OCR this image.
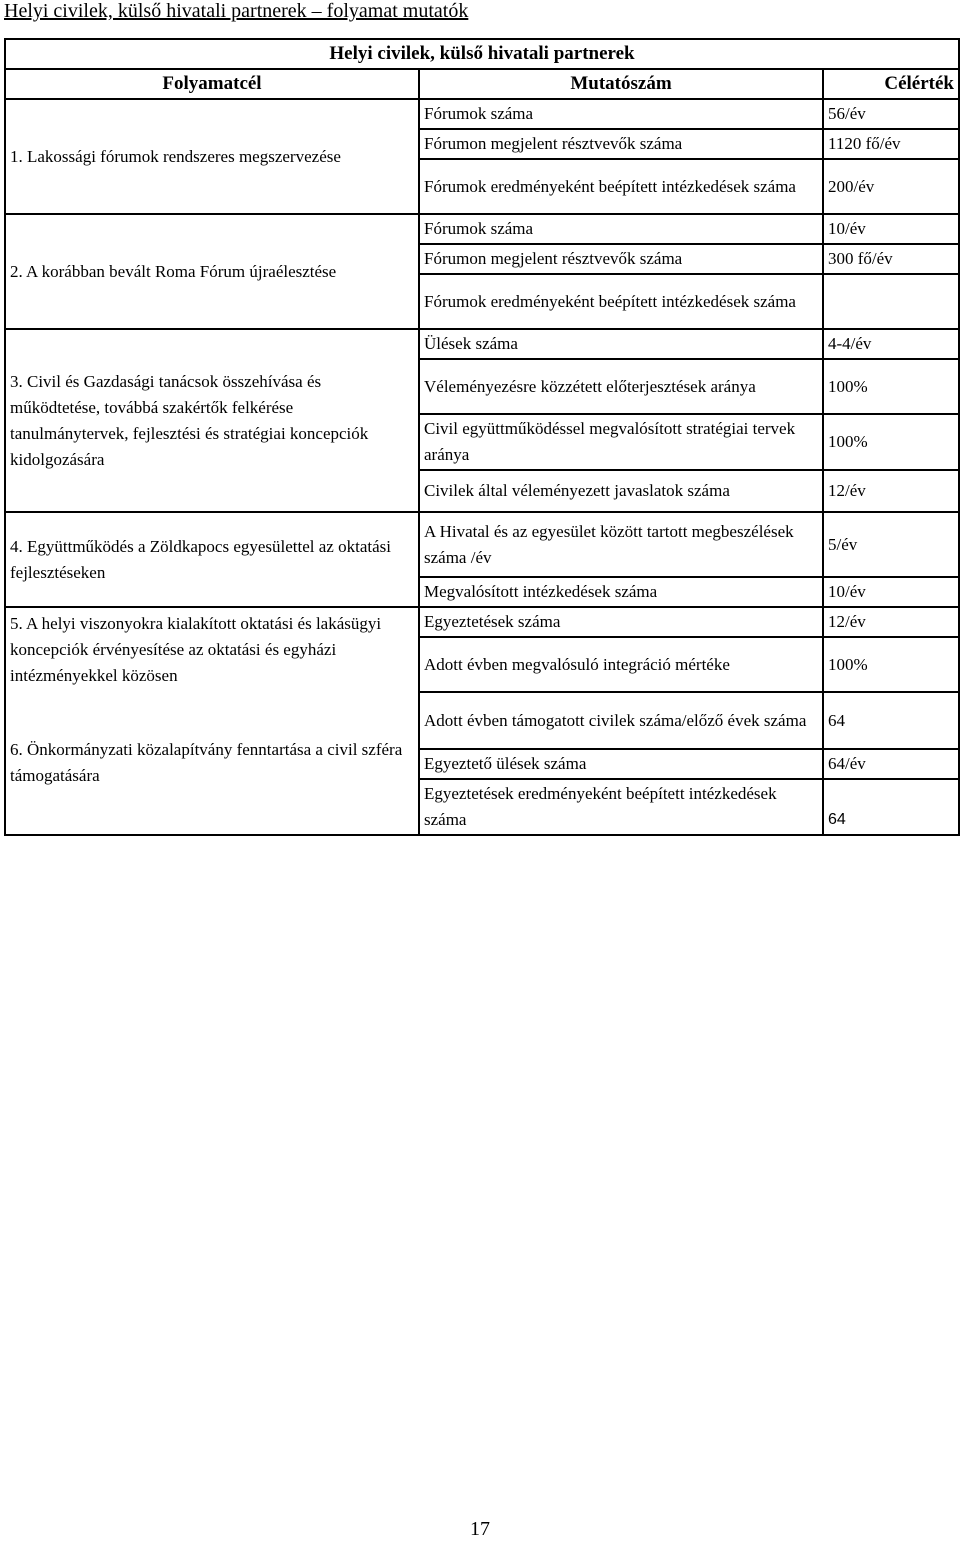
Helyi civilek, külső hivatali partnerek – folyamat mutatók
Helyi civilek, külső hivatali partnerek		
Folyamatcél	Mutatószám	Célérték
1. Lakossági fórumok rendszeres megszervezése	Fórumok száma	56/év
	Fórumon megjelent résztvevők száma	1120 fő/év
	Fórumok eredményeként beépített intézkedések száma	200/év
2. A korábban bevált Roma Fórum újraélesztése	Fórumok száma	10/év
	Fórumon megjelent résztvevők száma	300 fő/év
	Fórumok eredményeként beépített intézkedések száma	
3. Civil és Gazdasági tanácsok összehívása és működtetése, továbbá szakértők felkérése tanulmánytervek, fejlesztési és stratégiai koncepciók kidolgozására	Ülések száma	4-4/év
	Véleményezésre közzétett előterjesztések aránya	100%
	Civil együttműködéssel megvalósított stratégiai tervek aránya	100%
	Civilek által véleményezett javaslatok száma	12/év
4. Együttműködés a Zöldkapocs egyesülettel az oktatási fejlesztéseken	A Hivatal és az egyesület között tartott megbeszélések száma /év	5/év
	Megvalósított intézkedések száma	10/év
5. A helyi viszonyokra kialakított oktatási és lakásügyi koncepciók érvényesítése az oktatási és egyházi intézményekkel közösen	Egyeztetések száma	12/év
	Adott évben megvalósuló integráció mértéke	100%
6. Önkormányzati közalapítvány fenntartása a civil szféra támogatására	Adott évben támogatott civilek száma/előző évek száma	64
	Egyeztető ülések száma	64/év
	Egyeztetések eredményeként beépített intézkedések száma	64
17
